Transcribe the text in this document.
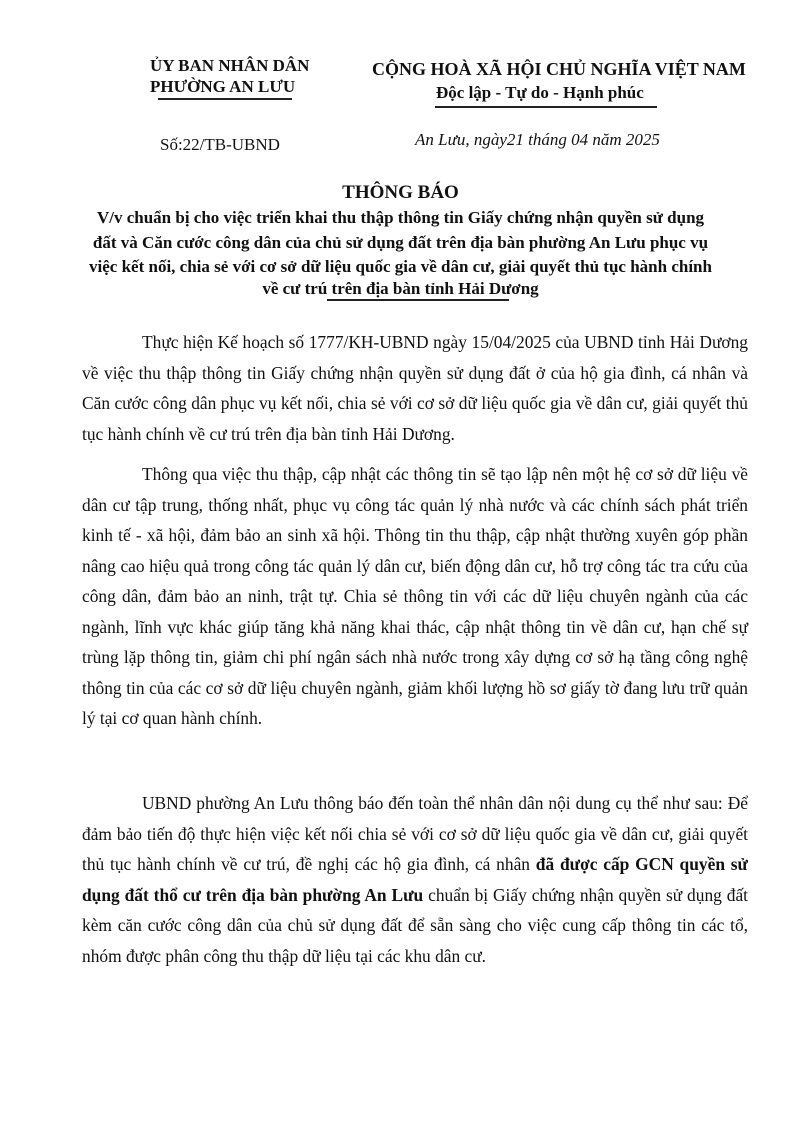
ỦY BAN NHÂN DÂN
PHƯỜNG AN LƯU
CỘNG HOÀ XÃ HỘI CHỦ NGHĨA VIỆT NAM
Độc lập - Tự do - Hạnh phúc
Số:22/TB-UBND	An Lưu, ngày21 tháng 04 năm 2025
THÔNG BÁO
V/v chuẩn bị cho việc triển khai thu thập thông tin Giấy chứng nhận quyền sử dụng
đất và Căn cước công dân của chủ sử dụng đất trên địa bàn phường An Lưu phục vụ
việc kết nối, chia sẻ với cơ sở dữ liệu quốc gia về dân cư, giải quyết thủ tục hành chính
về cư trú trên địa bàn tỉnh Hải Dương

Thực hiện Kế hoạch số 1777/KH-UBND ngày 15/04/2025 của UBND tỉnh Hải Dương về việc thu thập thông tin Giấy chứng nhận quyền sử dụng đất ở của hộ gia đình, cá nhân và Căn cước công dân phục vụ kết nối, chia sẻ với cơ sở dữ liệu quốc gia về dân cư, giải quyết thủ tục hành chính về cư trú trên địa bàn tỉnh Hải Dương.

Thông qua việc thu thập, cập nhật các thông tin sẽ tạo lập nên một hệ cơ sở dữ liệu về dân cư tập trung, thống nhất, phục vụ công tác quản lý nhà nước và các chính sách phát triển kinh tế - xã hội, đảm bảo an sinh xã hội. Thông tin thu thập, cập nhật thường xuyên góp phần nâng cao hiệu quả trong công tác quản lý dân cư, biến động dân cư, hỗ trợ công tác tra cứu của công dân, đảm bảo an ninh, trật tự. Chia sẻ thông tin với các dữ liệu chuyên ngành của các ngành, lĩnh vực khác giúp tăng khả năng khai thác, cập nhật thông tin về dân cư, hạn chế sự trùng lặp thông tin, giảm chi phí ngân sách nhà nước trong xây dựng cơ sở hạ tầng công nghệ thông tin của các cơ sở dữ liệu chuyên ngành, giảm khối lượng hồ sơ giấy tờ đang lưu trữ quản lý tại cơ quan hành chính.

UBND phường An Lưu thông báo đến toàn thể nhân dân nội dung cụ thể như sau: Để đảm bảo tiến độ thực hiện việc kết nối chia sẻ với cơ sở dữ liệu quốc gia về dân cư, giải quyết thủ tục hành chính về cư trú, đề nghị các hộ gia đình, cá nhân đã được cấp GCN quyền sử dụng đất thổ cư trên địa bàn phường An Lưu chuẩn bị Giấy chứng nhận quyền sử dụng đất kèm căn cước công dân của chủ sử dụng đất để sẵn sàng cho việc cung cấp thông tin các tổ, nhóm được phân công thu thập dữ liệu tại các khu dân cư.
